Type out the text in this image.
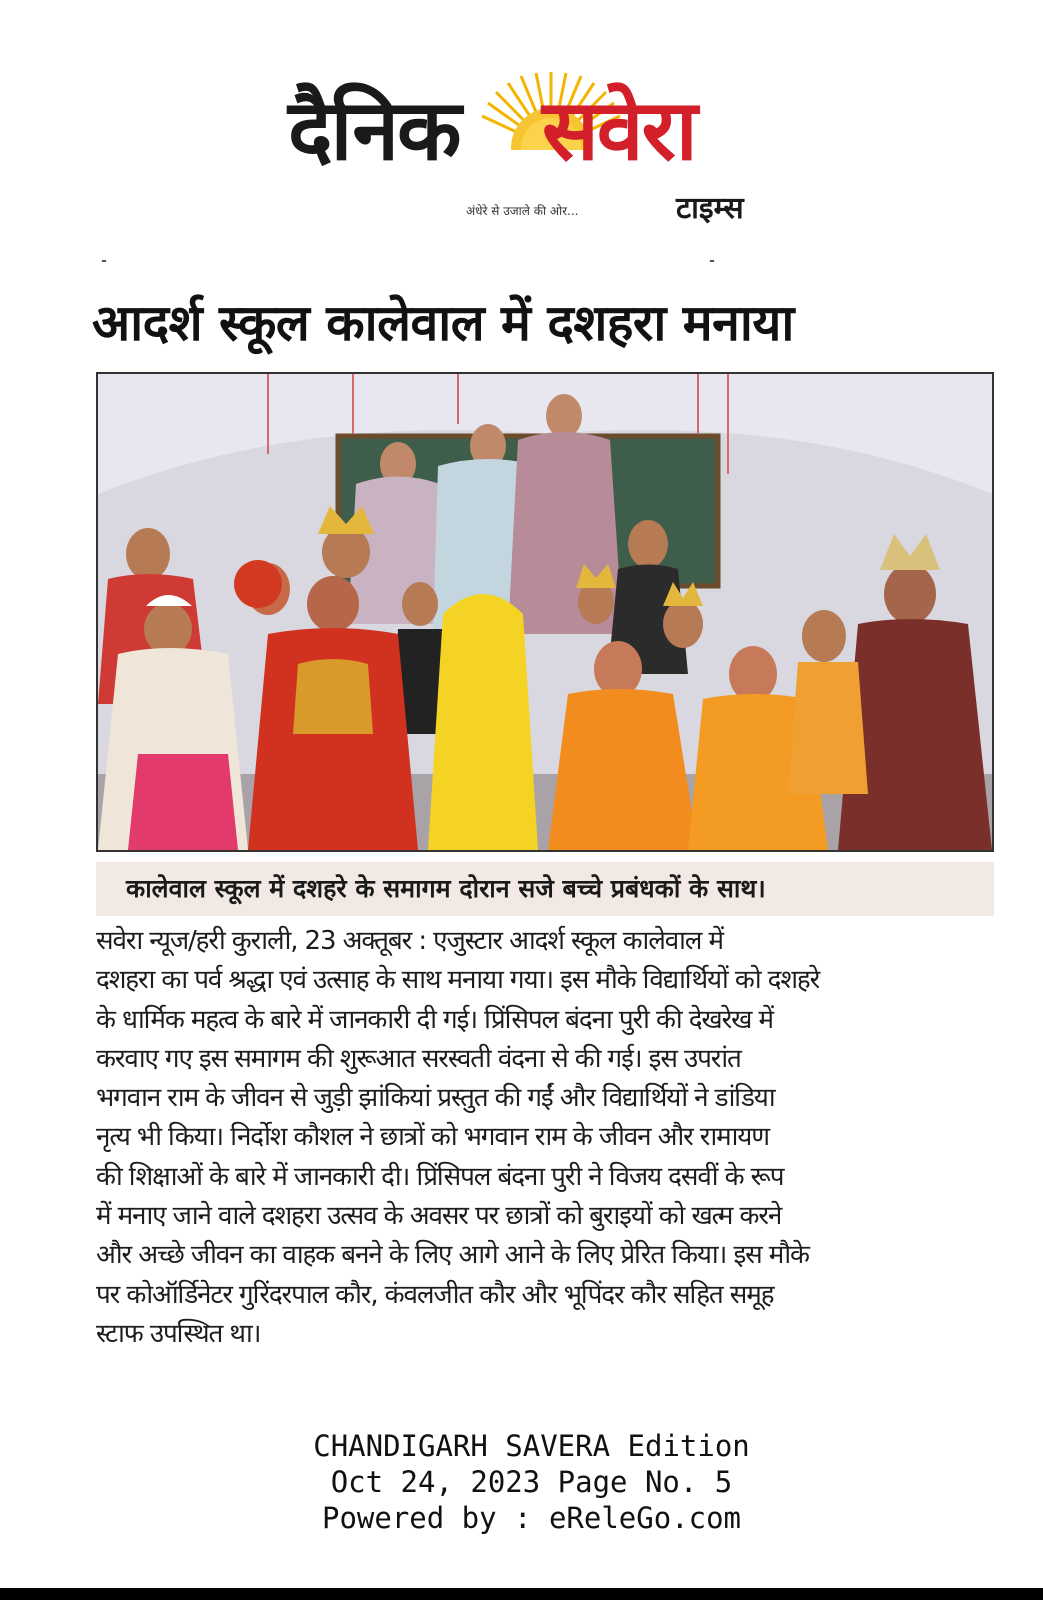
दैनिक सवेरा
अंधेरे से उजाले की ओर...	टाइम्स
आदर्श स्कूल कालेवाल में दशहरा मनाया
कालेवाल स्कूल में दशहरे के समागम दोरान सजे बच्चे प्रबंधकों के साथ।
सवेरा न्यूज/हरी कुराली, 23 अक्तूबर : एजुस्टार आदर्श स्कूल कालेवाल में
दशहरा का पर्व श्रद्धा एवं उत्साह के साथ मनाया गया। इस मौके विद्यार्थियों को दशहरे
के धार्मिक महत्व के बारे में जानकारी दी गई। प्रिंसिपल बंदना पुरी की देखरेख में
करवाए गए इस समागम की शुरूआत सरस्वती वंदना से की गई। इस उपरांत
भगवान राम के जीवन से जुड़ी झांकियां प्रस्तुत की गईं और विद्यार्थियों ने डांडिया
नृत्य भी किया। निर्दोश कौशल ने छात्रों को भगवान राम के जीवन और रामायण
की शिक्षाओं के बारे में जानकारी दी। प्रिंसिपल बंदना पुरी ने विजय दसवीं के रूप
में मनाए जाने वाले दशहरा उत्सव के अवसर पर छात्रों को बुराइयों को खत्म करने
और अच्छे जीवन का वाहक बनने के लिए आगे आने के लिए प्रेरित किया। इस मौके
पर कोऑर्डिनेटर गुरिंदरपाल कौर, कंवलजीत कौर और भूपिंदर कौर सहित समूह
स्टाफ उपस्थित था।
CHANDIGARH SAVERA Edition
Oct 24, 2023 Page No. 5
Powered by : eReleGo.com
